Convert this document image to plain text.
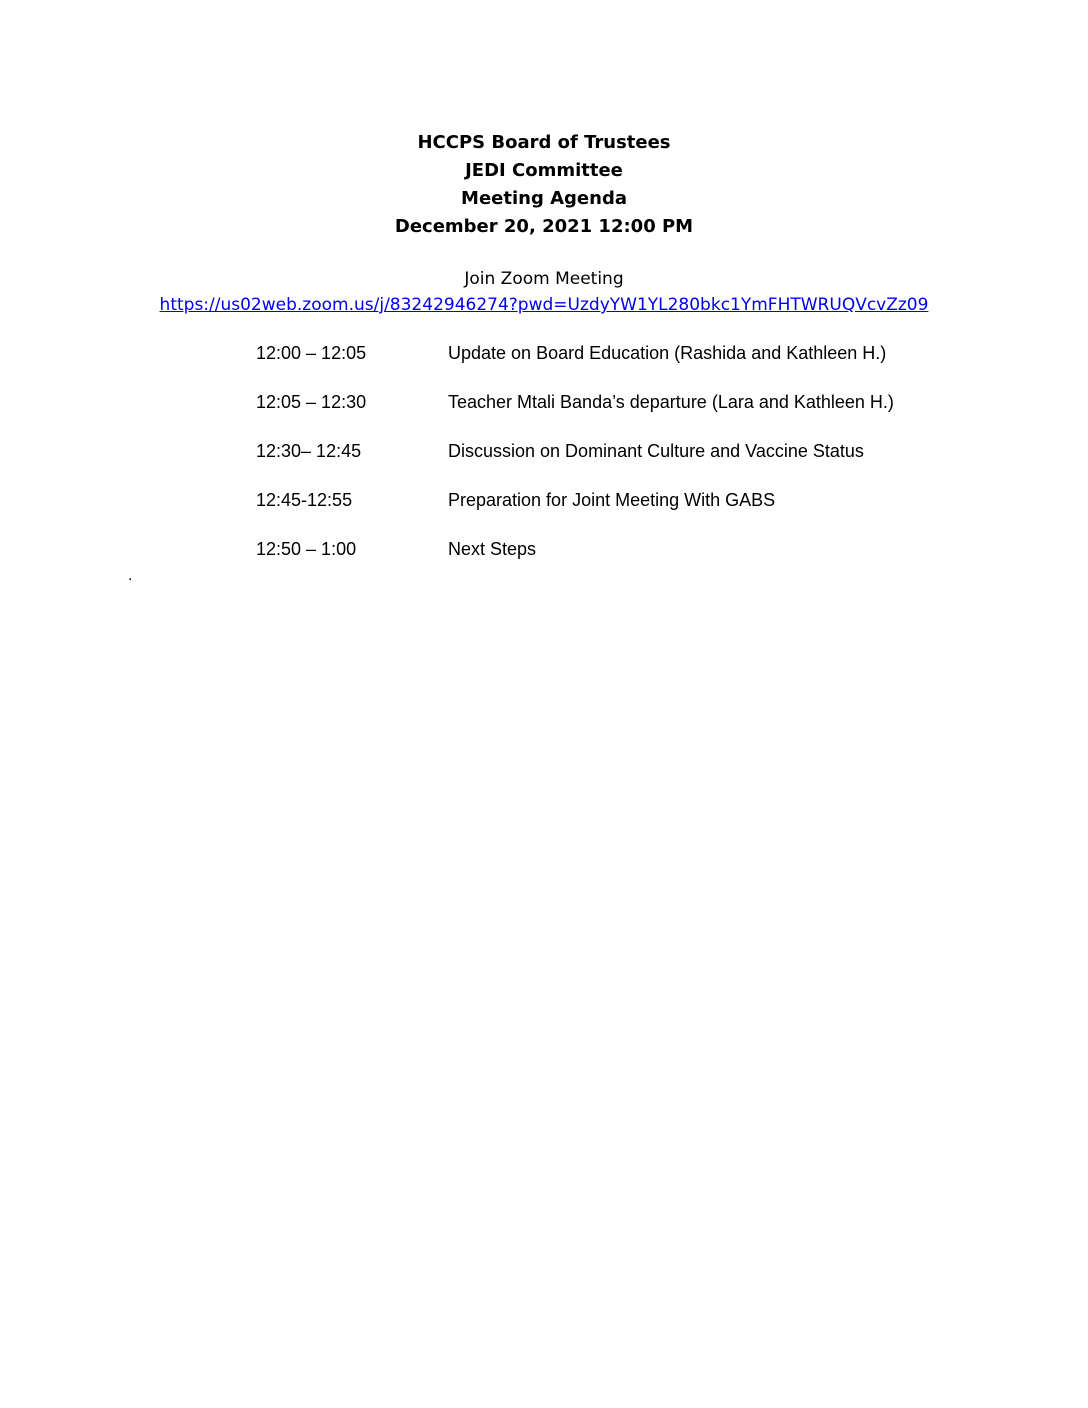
HCCPS Board of Trustees
JEDI Committee
Meeting Agenda
December 20, 2021 12:00 PM
Join Zoom Meeting
https://us02web.zoom.us/j/83242946274?pwd=UzdyYW1YL280bkc1YmFHTWRUQVcvZz09
12:00 – 12:05	Update on Board Education (Rashida and Kathleen H.)
12:05 – 12:30	Teacher Mtali Banda’s departure (Lara and Kathleen H.)
12:30– 12:45	Discussion on Dominant Culture and Vaccine Status
12:45-12:55	Preparation for Joint Meeting With GABS
12:50 – 1:00	Next Steps
.
